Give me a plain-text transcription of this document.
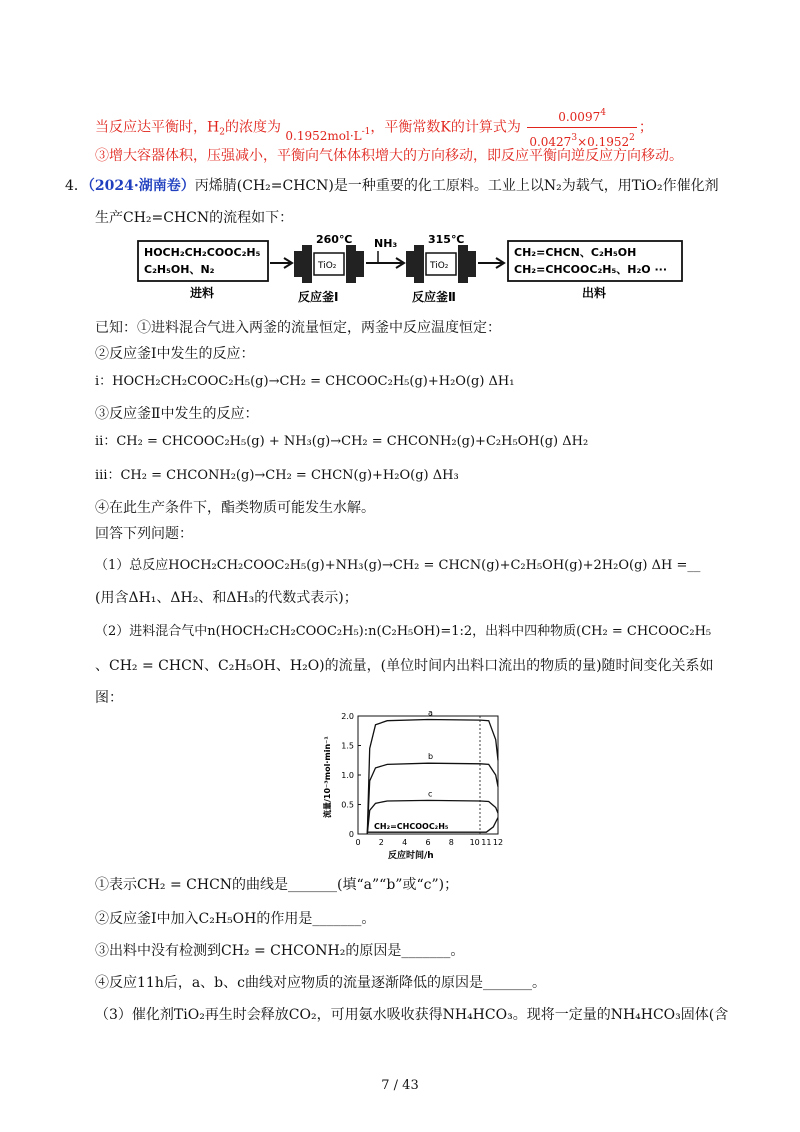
当反应达平衡时，$H_2$的浓度为 $0.1952mol\cdot L^{-1}$，平衡常数K的计算式为 $\frac{0.0097^4}{0.0427^3\times 0.1952^2}$ ；
③增大容器体积，压强减小，平衡向气体体积增大的方向移动，即反应平衡向逆反应方向移动。
4．（2024·湖南卷）丙烯腈(CH₂=CHCN)是一种重要的化工原料。工业上以N₂为载气，用TiO₂作催化剂
生产CH₂=CHCN的流程如下：
HOCH₂CH₂COOC₂H₅
C₂H₅OH、N₂
进料
TiO₂
260℃
反应釜Ⅰ
NH₃
TiO₂
315℃
反应釜Ⅱ
CH₂=CHCN、C₂H₅OH
CH₂=CHCOOC₂H₅、H₂O ···
出料
已知：①进料混合气进入两釜的流量恒定，两釜中反应温度恒定：
②反应釜Ⅰ中发生的反应：
ⅰ：HOCH₂CH₂COOC₂H₅(g)→CH₂ = CHCOOC₂H₅(g)+H₂O(g) ΔH₁
③反应釜Ⅱ中发生的反应：
ⅱ：CH₂ = CHCOOC₂H₅(g) + NH₃(g)→CH₂ = CHCONH₂(g)+C₂H₅OH(g) ΔH₂
ⅲ：CH₂ = CHCONH₂(g)→CH₂ = CHCN(g)+H₂O(g) ΔH₃
④在此生产条件下，酯类物质可能发生水解。
回答下列问题：
（1）总反应HOCH₂CH₂COOC₂H₅(g)+NH₃(g)→CH₂ = CHCN(g)+C₂H₅OH(g)+2H₂O(g) ΔH =__
(用含ΔH₁、ΔH₂、和ΔH₃的代数式表示)；
（2）进料混合气中n(HOCH₂CH₂COOC₂H₅):n(C₂H₅OH)=1:2，出料中四种物质(CH₂ = CHCOOC₂H₅
、CH₂ = CHCN、C₂H₅OH、H₂O)的流量，(单位时间内出料口流出的物质的量)随时间变化关系如
图：
0
0.5
1.0
1.5
2.0
0 2 4 6 8 10 11 12
a
b
c
CH₂=CHCOOC₂H₅
反应时间/h
流量/10⁻³mol·min⁻¹
①表示CH₂ = CHCN的曲线是_______(填“a”“b”或“c”)；
②反应釜Ⅰ中加入C₂H₅OH的作用是_______。
③出料中没有检测到CH₂ = CHCONH₂的原因是_______。
④反应11h后，a、b、c曲线对应物质的流量逐渐降低的原因是_______。
（3）催化剂TiO₂再生时会释放CO₂，可用氨水吸收获得NH₄HCO₃。现将一定量的NH₄HCO₃固体(含
7 / 43
